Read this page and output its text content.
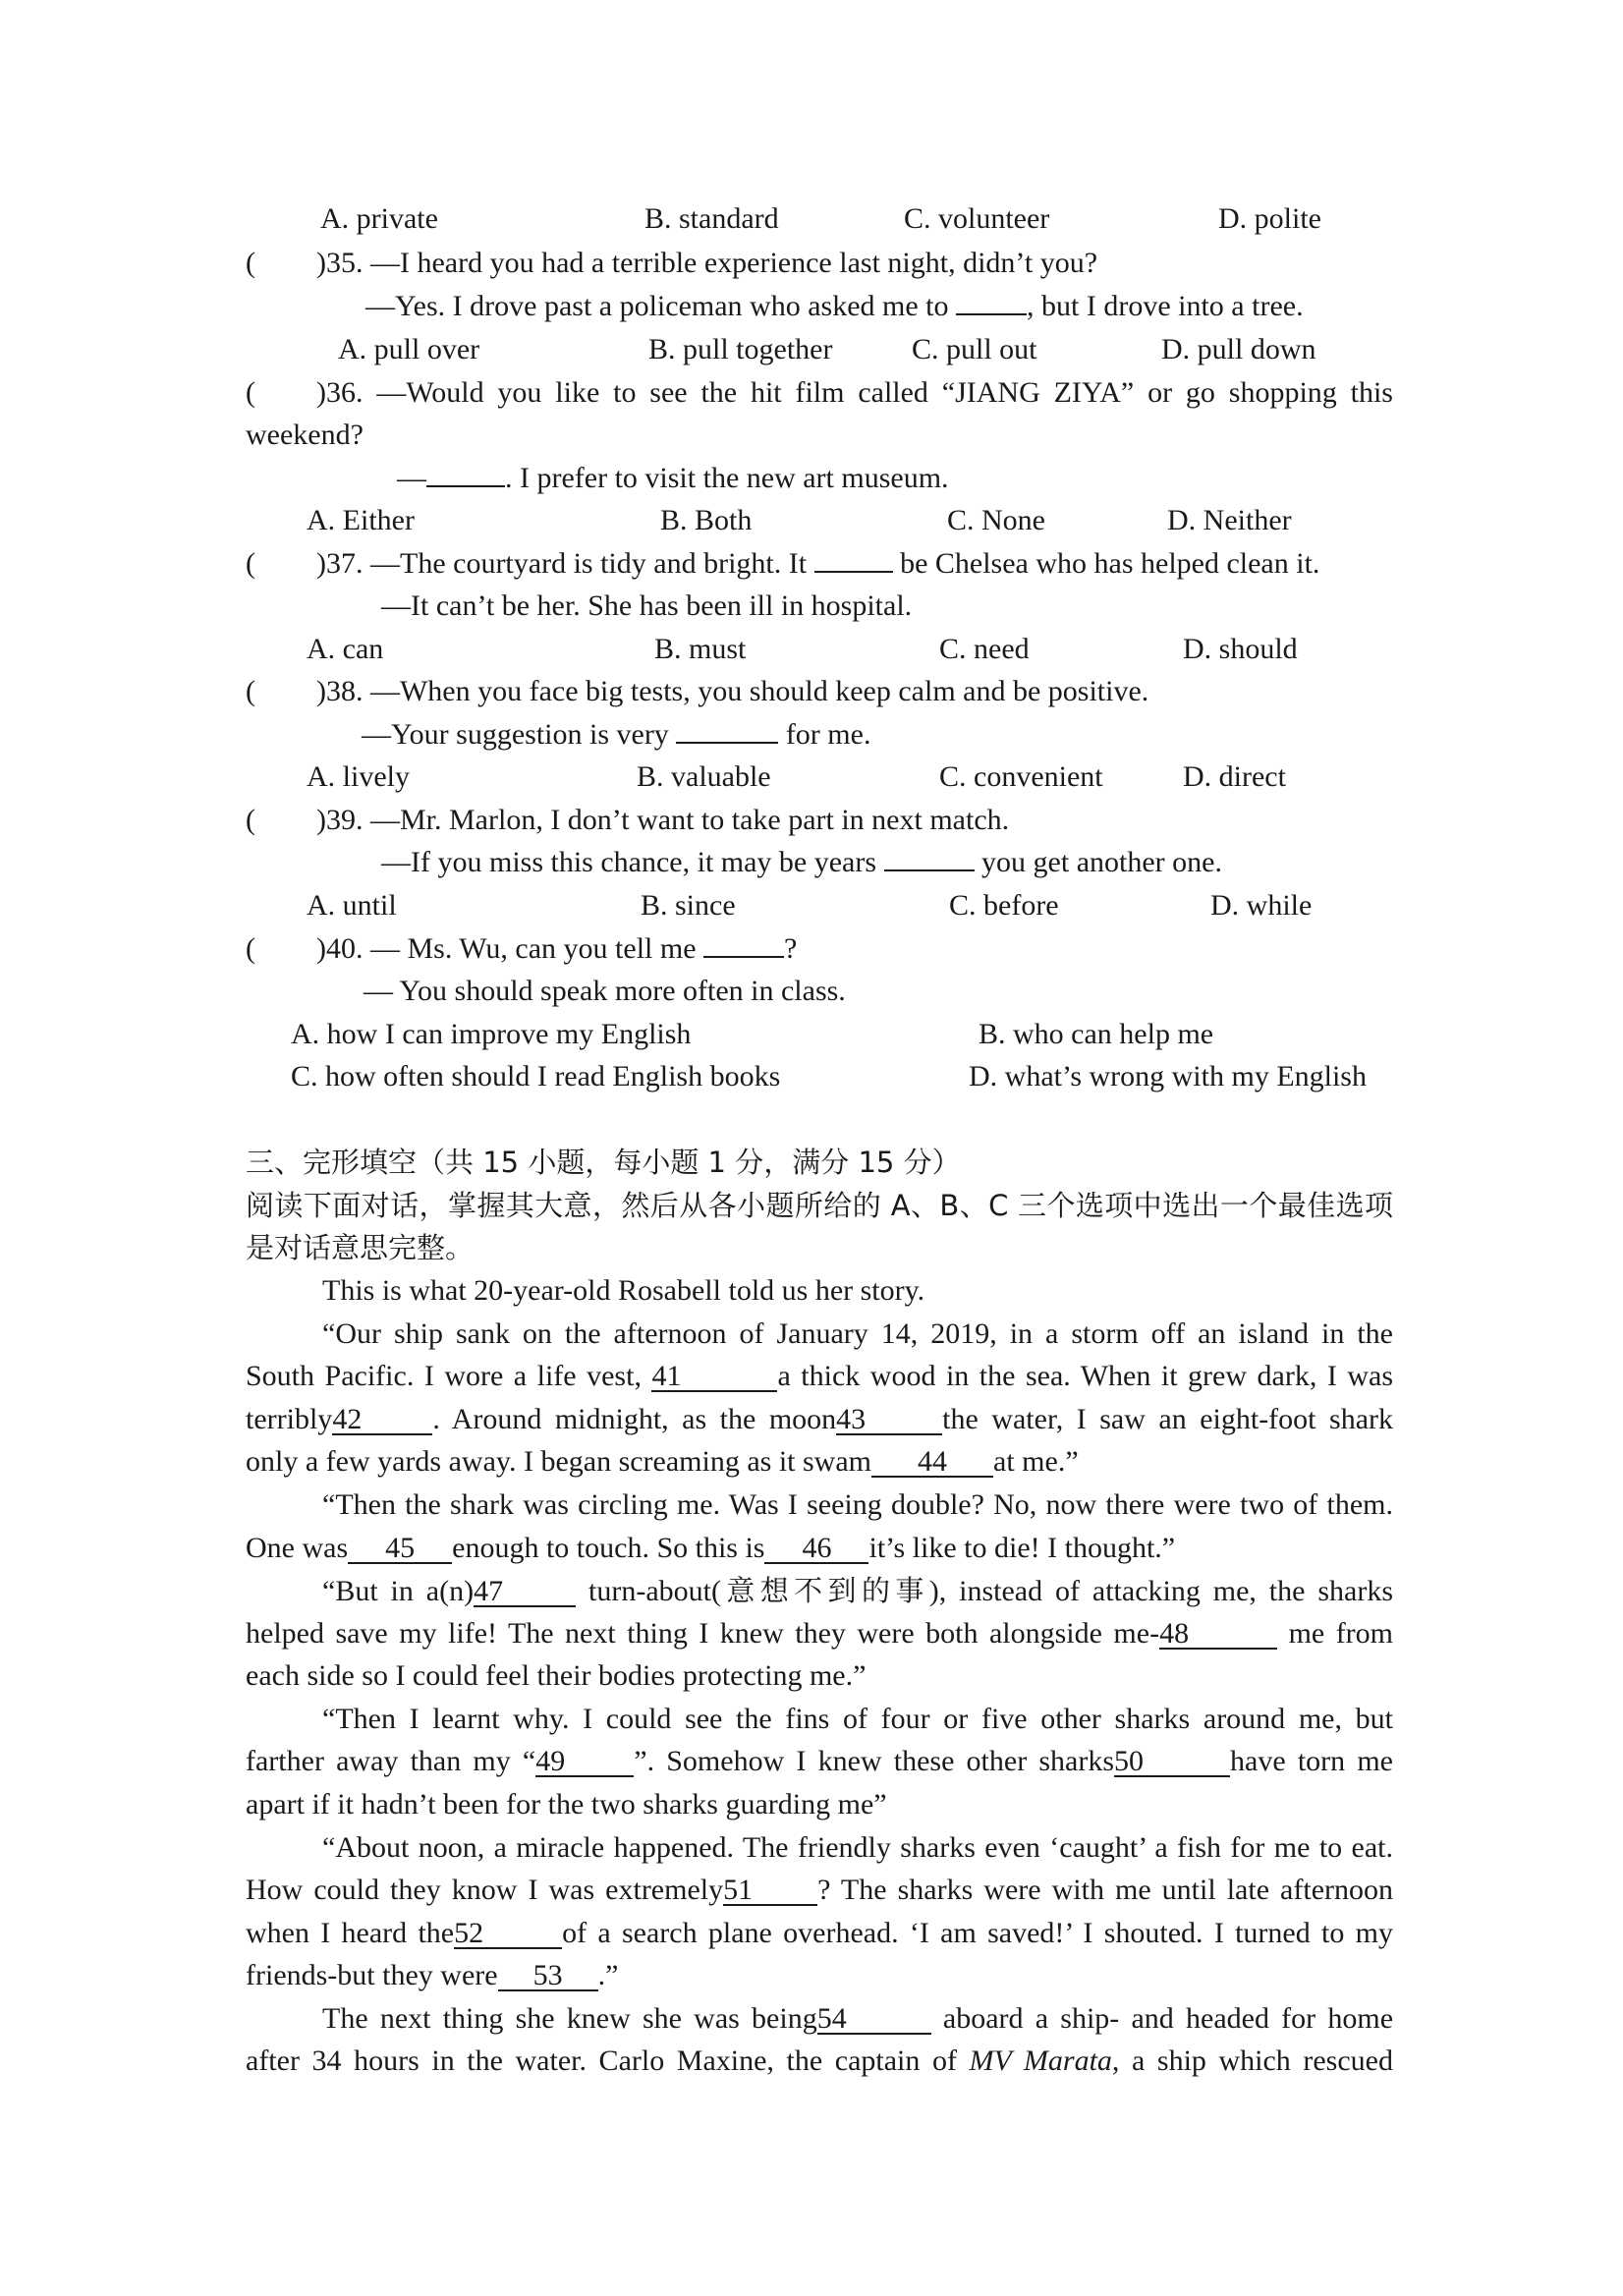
A. private	B. standard	C. volunteer	D. polite
( )35. —I heard you had a terrible experience last night, didn’t you?
—Yes. I drove past a policeman who asked me to	, but I drove into a tree.
A. pull over	B. pull together	C. pull out	D. pull down
( )36. —Would you like to see the hit film called “JIANG ZIYA” or go shopping this
weekend?
—	. I prefer to visit the new art museum.
A. Either	B. Both	C. None	D. Neither
( )37. —The courtyard is tidy and bright. It	be Chelsea who has helped clean it.
—It can’t be her. She has been ill in hospital.
A. can	B. must	C. need	D. should
( )38. —When you face big tests, you should keep calm and be positive.
—Your suggestion is very	for me.
A. lively	B. valuable	C. convenient	D. direct
( )39. —Mr. Marlon, I don’t want to take part in next match.
—If you miss this chance, it may be years	you get another one.
A. until	B. since	C. before	D. while
( )40. — Ms. Wu, can you tell me	?
— You should speak more often in class.
A. how I can improve my English	B. who can help me
C. how often should I read English books	D. what’s wrong with my English
三、完形填空（共 15 小题，每小题 1 分，满分 15 分）
阅读下面对话，掌握其大意，然后从各小题所给的 A、B、C 三个选项中选出一个最佳选项
是对话意思完整。
This is what 20-year-old Rosabell told us her story.
“Our ship sank on the afternoon of January 14, 2019, in a storm off an island in the
South Pacific. I wore a life vest, 41	a thick wood in the sea. When it grew dark, I was
terribly42 . Around midnight, as the moon43	the water, I saw an eight-foot shark
only a few yards away. I began screaming as it swam 44 at me.”
“Then the shark was circling me. Was I seeing double? No, now there were two of them.
One was 45 enough to touch. So this is 46 it’s like to die! I thought.”
“But in a(n)47	turn-about(意想不到的事), instead of attacking me, the sharks
helped save my life! The next thing I knew they were both alongside me-48	me from
each side so I could feel their bodies protecting me.”
“Then I learnt why. I could see the fins of four or five other sharks around me, but
farther away than my “49 ”. Somehow I knew these other sharks50	have torn me
apart if it hadn’t been for the two sharks guarding me”
“About noon, a miracle happened. The friendly sharks even ‘caught’ a fish for me to eat.
How could they know I was extremely51 ? The sharks were with me until late afternoon
when I heard the52	of a search plane overhead. ‘I am saved!’ I shouted. I turned to my
friends-but they were 53 .”
The next thing she knew she was being54	aboard a ship- and headed for home
after 34 hours in the water. Carlo Maxine, the captain of MV Marata, a ship which rescued
